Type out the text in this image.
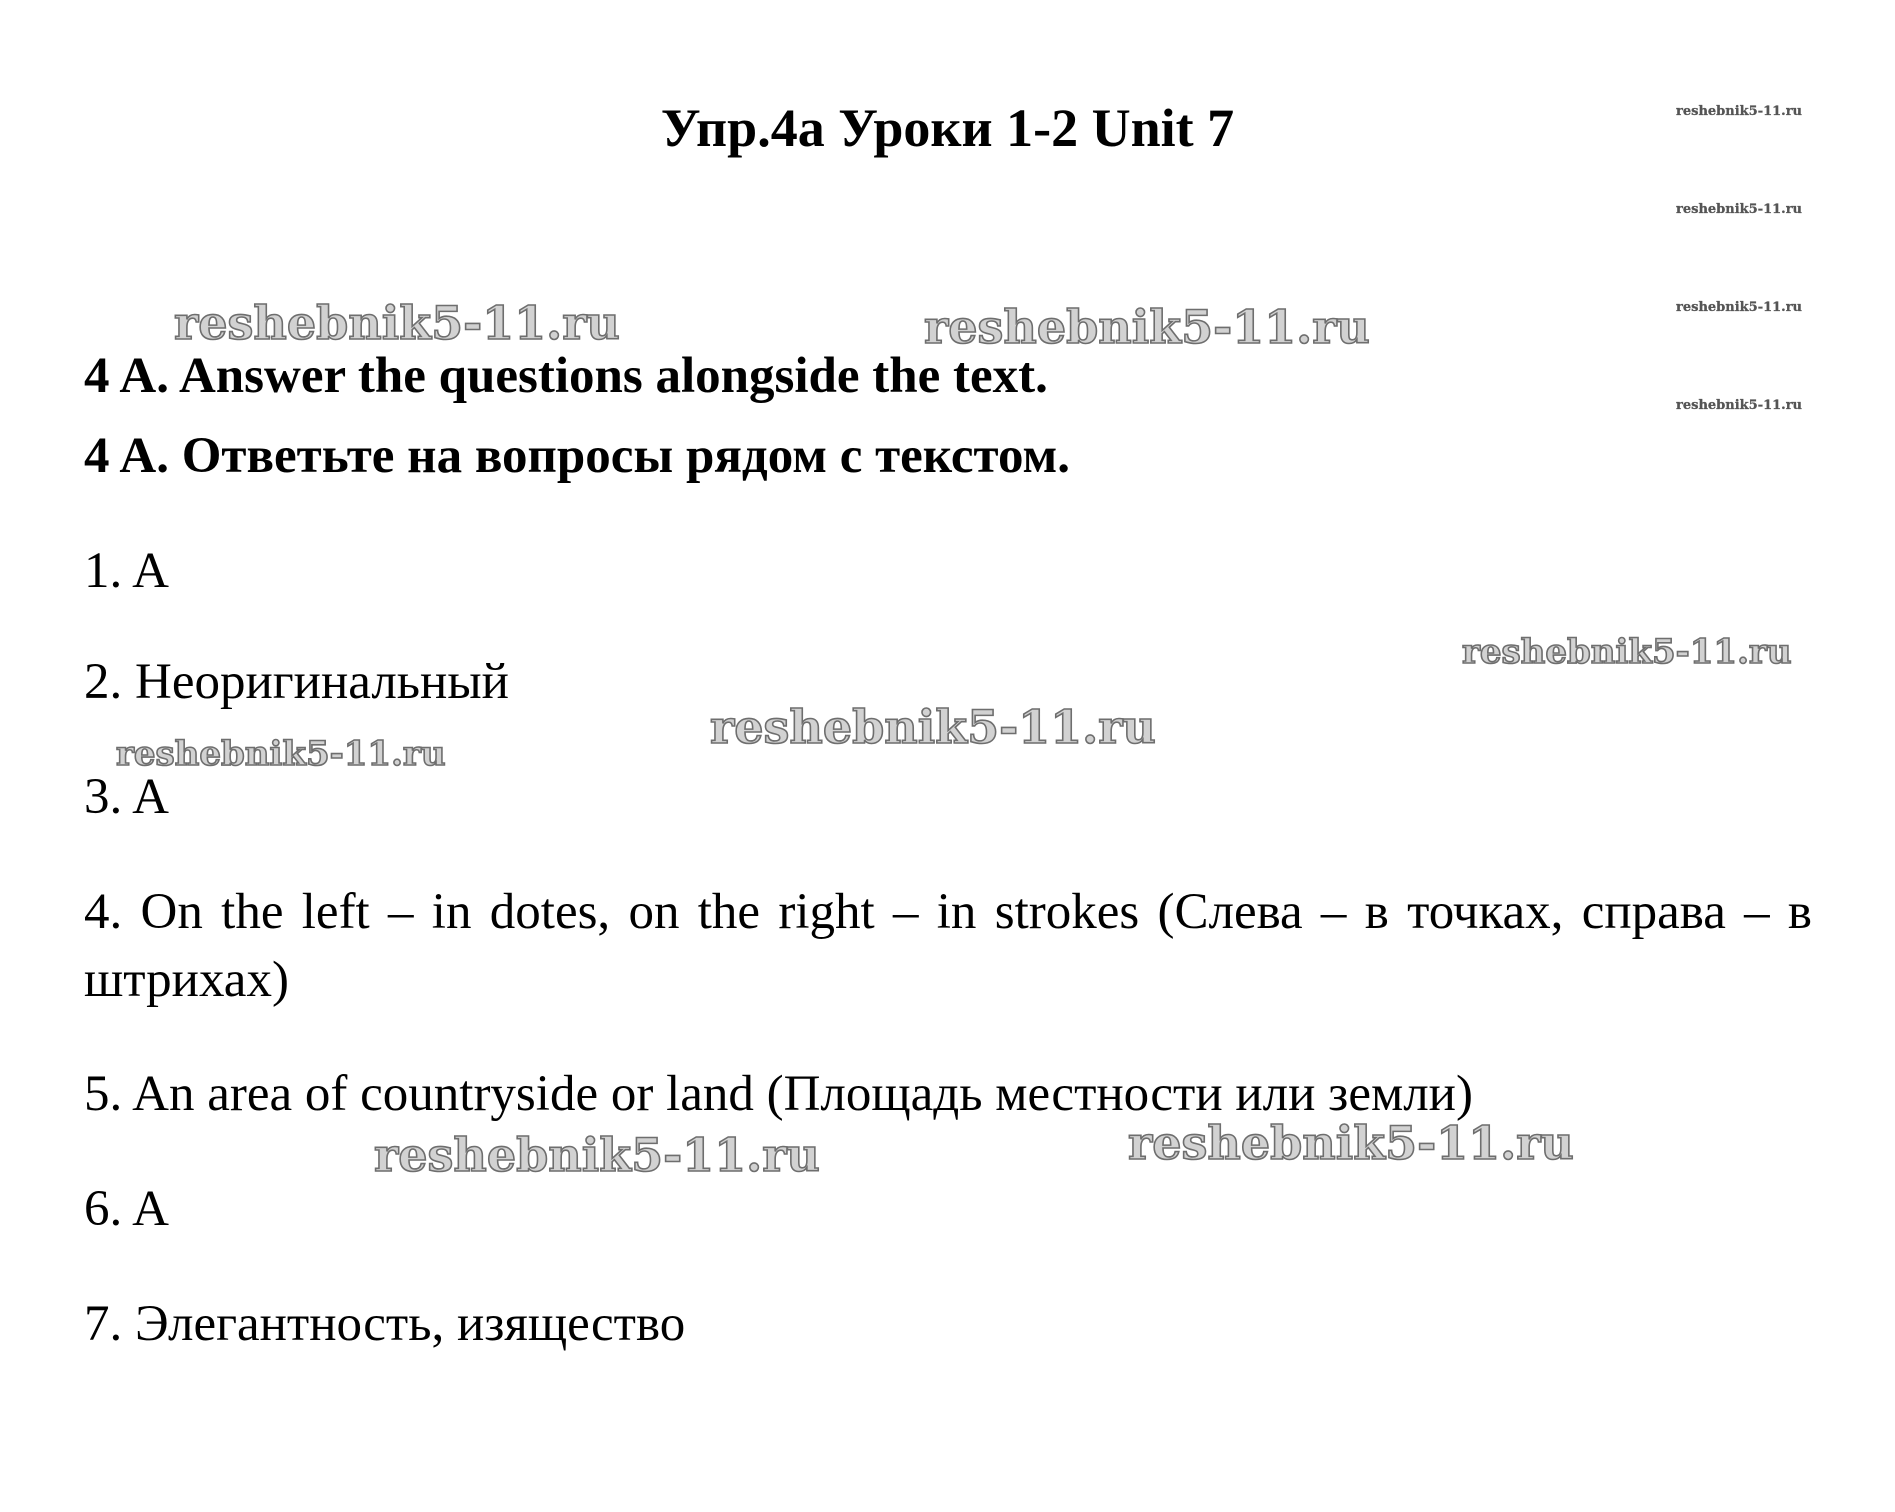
reshebnik5-11.ru
reshebnik5-11.ru
reshebnik5-11.ru
reshebnik5-11.ru
Упр.4а Уроки 1-2 Unit 7
reshebnik5-11.ru	reshebnik5-11.ru
4 A. Answer the questions alongside the text.
4 A. Ответьте на вопросы рядом с текстом.
1. A
2. Неоригинальный
reshebnik5-11.ru
reshebnik5-11.ru
reshebnik5-11.ru
3. A
4. On the left – in dotes, on the right – in strokes (Слева – в точках, справа – в штрихах)
5. An area of countryside or land (Площадь местности или земли)
reshebnik5-11.ru	reshebnik5-11.ru
6. A
7. Элегантность, изящество
